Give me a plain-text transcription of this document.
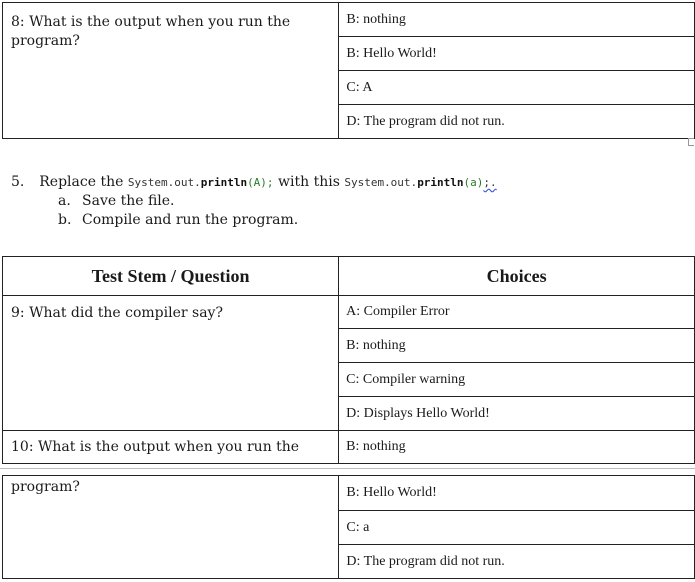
8: What is the output when you run the program?	B: nothing
B: Hello World!
C: A
D: The program did not run.
5. Replace the System.out.println(A); with this System.out.println(a);.
a. Save the file.
b. Compile and run the program.
Test Stem / Question	Choices
9: What did the compiler say?	A: Compiler Error
	B: nothing
	C: Compiler warning
	D: Displays Hello World!
10: What is the output when you run the	B: nothing
program?	B: Hello World!
C: a
D: The program did not run.
